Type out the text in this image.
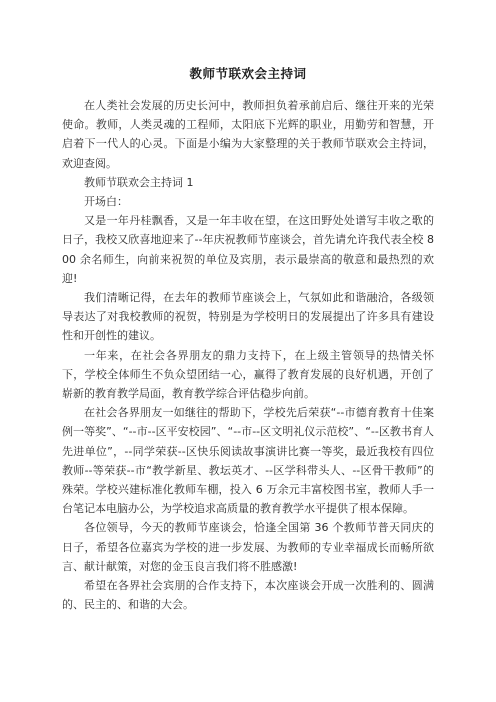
教师节联欢会主持词

在人类社会发展的历史长河中，教师担负着承前启后、继往开来的光荣使命。教师，人类灵魂的工程师，太阳底下光辉的职业，用勤劳和智慧，开启着下一代人的心灵。下面是小编为大家整理的关于教师节联欢会主持词，欢迎查阅。

教师节联欢会主持词 1

开场白：

又是一年丹桂飘香，又是一年丰收在望，在这田野处处谱写丰收之歌的日子，我校又欣喜地迎来了--年庆祝教师节座谈会，首先请允许我代表全校 800 余名师生，向前来祝贺的单位及宾朋，表示最崇高的敬意和最热烈的欢迎!

我们清晰记得，在去年的教师节座谈会上，气氛如此和谐融洽，各级领导表达了对我校教师的祝贺，特别是为学校明日的发展提出了许多具有建设性和开创性的建议。

一年来，在社会各界朋友的鼎力支持下，在上级主管领导的热情关怀下，学校全体师生不负众望团结一心，赢得了教育发展的良好机遇，开创了崭新的教育教学局面，教育教学综合评估稳步向前。

在社会各界朋友一如继往的帮助下，学校先后荣获“--市德育教育十佳案例一等奖”、“--市--区平安校园”、“--市--区文明礼仪示范校”、“--区教书育人先进单位”，--同学荣获--区快乐阅读故事演讲比赛一等奖，最近我校有四位教师--等荣获--市“教学新星、教坛英才、--区学科带头人、--区骨干教师”的殊荣。学校兴建标准化教师车棚，投入 6 万余元丰富校图书室，教师人手一台笔记本电脑办公，为学校追求高质量的教育教学水平提供了根本保障。

各位领导，今天的教师节座谈会，恰逢全国第 36 个教师节普天同庆的日子，希望各位嘉宾为学校的进一步发展、为教师的专业幸福成长而畅所欲言、献计献策，对您的金玉良言我们将不胜感激!

希望在各界社会宾朋的合作支持下，本次座谈会开成一次胜利的、圆满的、民主的、和谐的大会。
